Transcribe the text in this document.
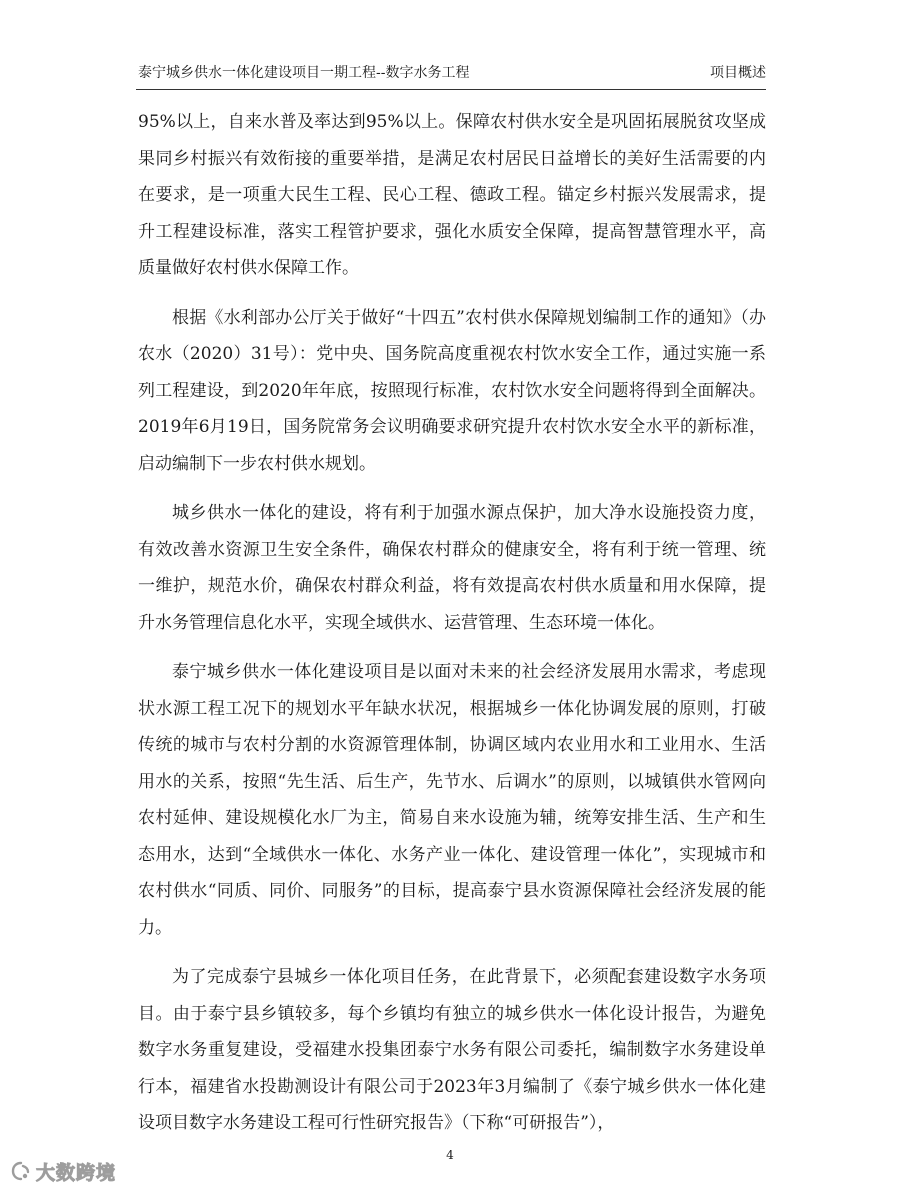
泰宁城乡供水一体化建设项目一期工程--数字水务工程	项目概述

95%以上，自来水普及率达到95%以上。保障农村供水安全是巩固拓展脱贫攻坚成果同乡村振兴有效衔接的重要举措，是满足农村居民日益增长的美好生活需要的内在要求，是一项重大民生工程、民心工程、德政工程。锚定乡村振兴发展需求，提升工程建设标准，落实工程管护要求，强化水质安全保障，提高智慧管理水平，高质量做好农村供水保障工作。

根据《水利部办公厅关于做好“十四五”农村供水保障规划编制工作的通知》（办农水（2020）31号）：党中央、国务院高度重视农村饮水安全工作，通过实施一系列工程建设，到2020年年底，按照现行标准，农村饮水安全问题将得到全面解决。2019年6月19日，国务院常务会议明确要求研究提升农村饮水安全水平的新标准，启动编制下一步农村供水规划。

城乡供水一体化的建设，将有利于加强水源点保护，加大净水设施投资力度，有效改善水资源卫生安全条件，确保农村群众的健康安全，将有利于统一管理、统一维护，规范水价，确保农村群众利益，将有效提高农村供水质量和用水保障，提升水务管理信息化水平，实现全域供水、运营管理、生态环境一体化。

泰宁城乡供水一体化建设项目是以面对未来的社会经济发展用水需求，考虑现状水源工程工况下的规划水平年缺水状况，根据城乡一体化协调发展的原则，打破传统的城市与农村分割的水资源管理体制，协调区域内农业用水和工业用水、生活用水的关系，按照“先生活、后生产，先节水、后调水”的原则，以城镇供水管网向农村延伸、建设规模化水厂为主，简易自来水设施为辅，统筹安排生活、生产和生态用水，达到“全域供水一体化、水务产业一体化、建设管理一体化”，实现城市和农村供水“同质、同价、同服务”的目标，提高泰宁县水资源保障社会经济发展的能力。

为了完成泰宁县城乡一体化项目任务，在此背景下，必须配套建设数字水务项目。由于泰宁县乡镇较多，每个乡镇均有独立的城乡供水一体化设计报告，为避免数字水务重复建设，受福建水投集团泰宁水务有限公司委托，编制数字水务建设单行本，福建省水投勘测设计有限公司于2023年3月编制了《泰宁城乡供水一体化建设项目数字水务建设工程可行性研究报告》（下称“可研报告”），

4
大数跨境
